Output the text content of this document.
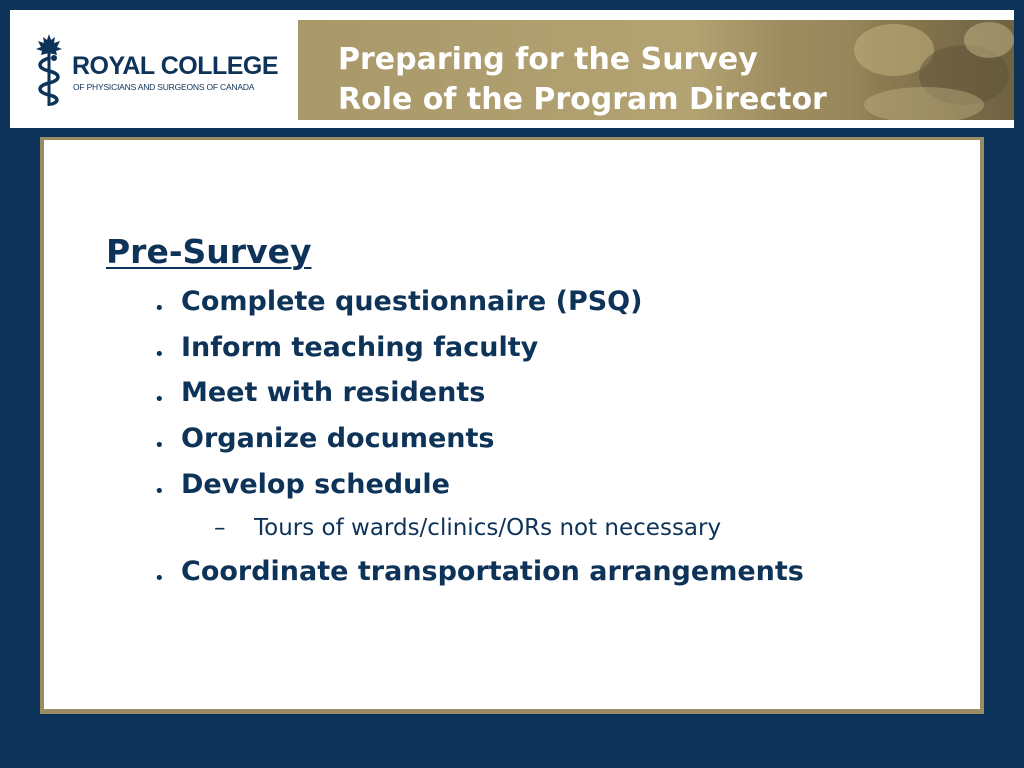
ROYAL COLLEGE
OF PHYSICIANS AND SURGEONS OF CANADA
Preparing for the Survey
Role of the Program Director
Pre-Survey
• Complete questionnaire (PSQ)
• Inform teaching faculty
• Meet with residents
• Organize documents
• Develop schedule
– Tours of wards/clinics/ORs not necessary
• Coordinate transportation arrangements
